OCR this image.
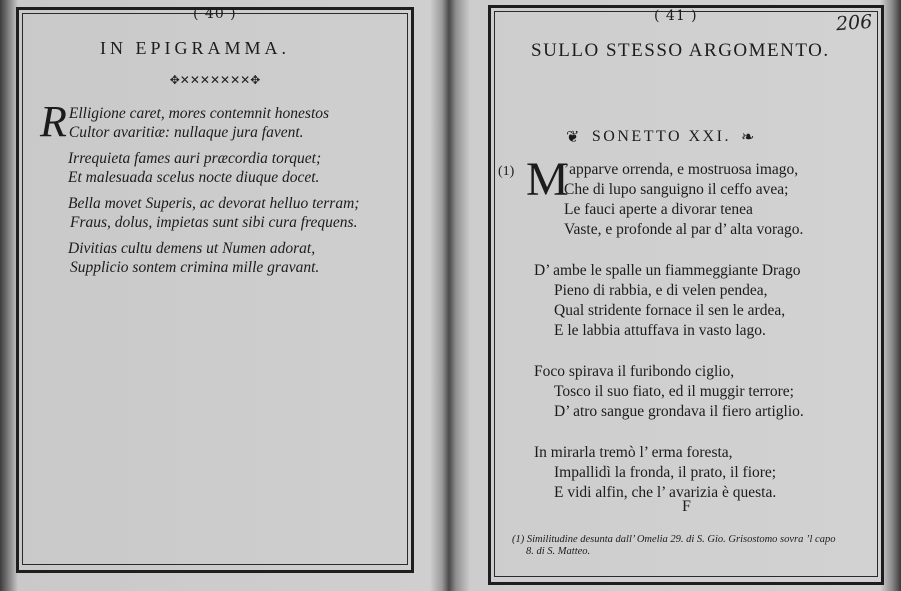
( 40 )
IN EPIGRAMMA.
✥✕✕✕✕✕✕✕✥
R Elligione caret, mores contemnit honestos
Cultor avaritiæ: nullaque jura favent.
Irrequieta fames auri præcordia torquet;
Et malesuada scelus nocte diuque docet.
Bella movet Superis, ac devorat helluo terram;
Fraus, dolus, impietas sunt sibi cura frequens.
Divitias cultu demens ut Numen adorat,
Supplicio sontem crimina mille gravant.
( 41 )	206
SULLO STESSO ARGOMENTO.
❦ SONETTO XXI. ❧
(1) M
’apparve orrenda, e mostruosa imago,
Che di lupo sanguigno il ceffo avea;
Le fauci aperte a divorar tenea
Vaste, e profonde al par d’ alta vorago.
D’ ambe le spalle un fiammeggiante Drago
Pieno di rabbia, e di velen pendea,
Qual stridente fornace il sen le ardea,
E le labbia attuffava in vasto lago.
Foco spirava il furibondo ciglio,
Tosco il suo fiato, ed il muggir terrore;
D’ atro sangue grondava il fiero artiglio.
In mirarla tremò l’ erma foresta,
Impallidì la fronda, il prato, il fiore;
E vidi alfin, che l’ avarizia è questa.
F
(1) Similitudine desunta dall’ Omelia 29. di S. Gio. Grisostomo sovra ’l capo
8. di S. Matteo.
